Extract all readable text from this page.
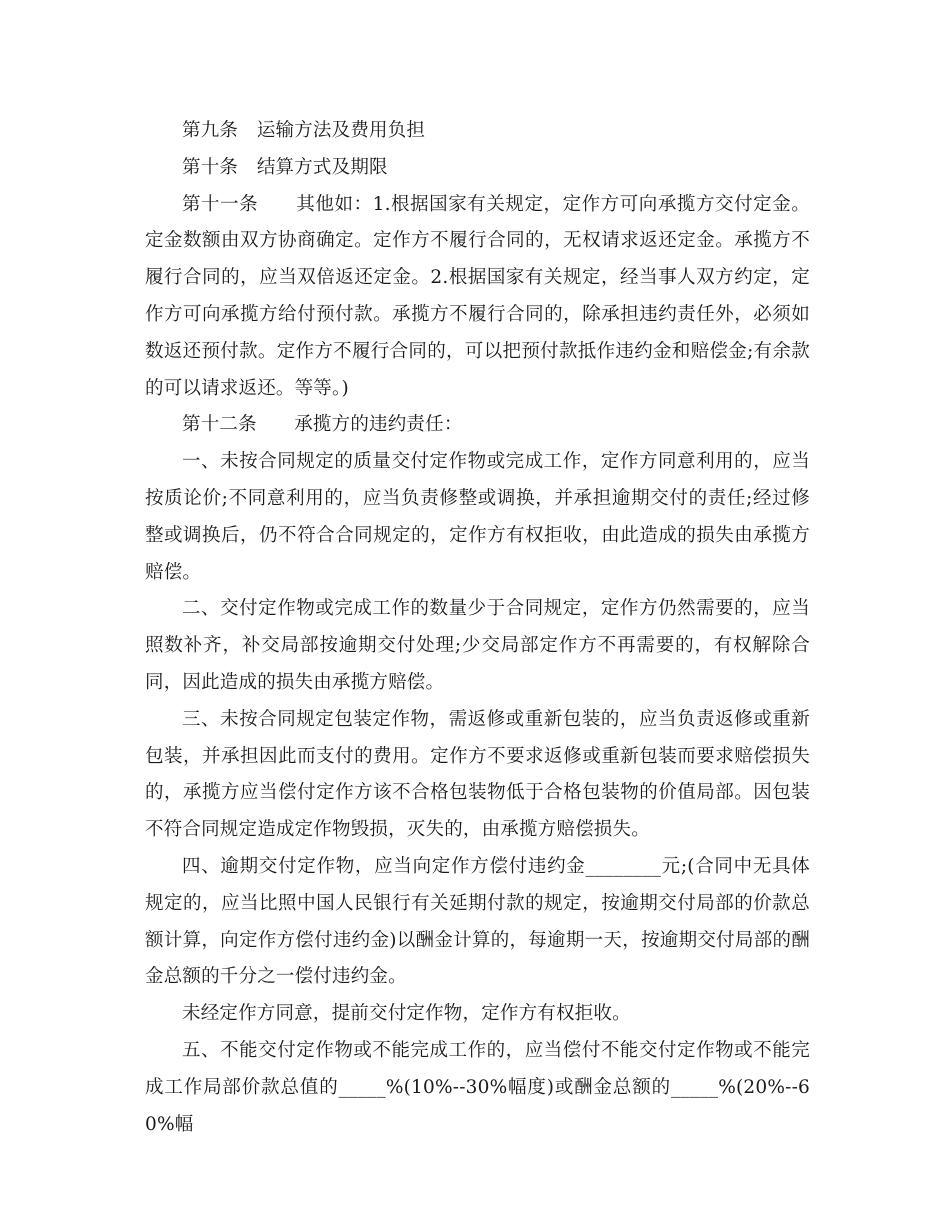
第九条　 运输方法及费用负担

第十条　 结算方式及期限

第十一条　　 其他如：1.根据国家有关规定，定作方可向承揽方交付定金。定金数额由双方协商确定。定作方不履行合同的，无权请求返还定金。承揽方不履行合同的，应当双倍返还定金。2.根据国家有关规定，经当事人双方约定，定作方可向承揽方给付预付款。承揽方不履行合同的，除承担违约责任外，必须如数返还预付款。定作方不履行合同的，可以把预付款抵作违约金和赔偿金;有余款的可以请求返还。等等。)

第十二条　　 承揽方的违约责任：

一、未按合同规定的质量交付定作物或完成工作，定作方同意利用的，应当按质论价;不同意利用的，应当负责修整或调换，并承担逾期交付的责任;经过修整或调换后，仍不符合合同规定的，定作方有权拒收，由此造成的损失由承揽方赔偿。

二、交付定作物或完成工作的数量少于合同规定，定作方仍然需要的，应当照数补齐，补交局部按逾期交付处理;少交局部定作方不再需要的，有权解除合同，因此造成的损失由承揽方赔偿。

三、未按合同规定包装定作物，需返修或重新包装的，应当负责返修或重新包装，并承担因此而支付的费用。定作方不要求返修或重新包装而要求赔偿损失的，承揽方应当偿付定作方该不合格包装物低于合格包装物的价值局部。因包装不符合同规定造成定作物毁损，灭失的，由承揽方赔偿损失。

四、逾期交付定作物，应当向定作方偿付违约金________元;(合同中无具体规定的，应当比照中国人民银行有关延期付款的规定，按逾期交付局部的价款总额计算，向定作方偿付违约金)以酬金计算的，每逾期一天，按逾期交付局部的酬金总额的千分之一偿付违约金。

未经定作方同意，提前交付定作物，定作方有权拒收。

五、不能交付定作物或不能完成工作的，应当偿付不能交付定作物或不能完成工作局部价款总值的_____%(10%--30%幅度)或酬金总额的_____%(20%--60%幅
